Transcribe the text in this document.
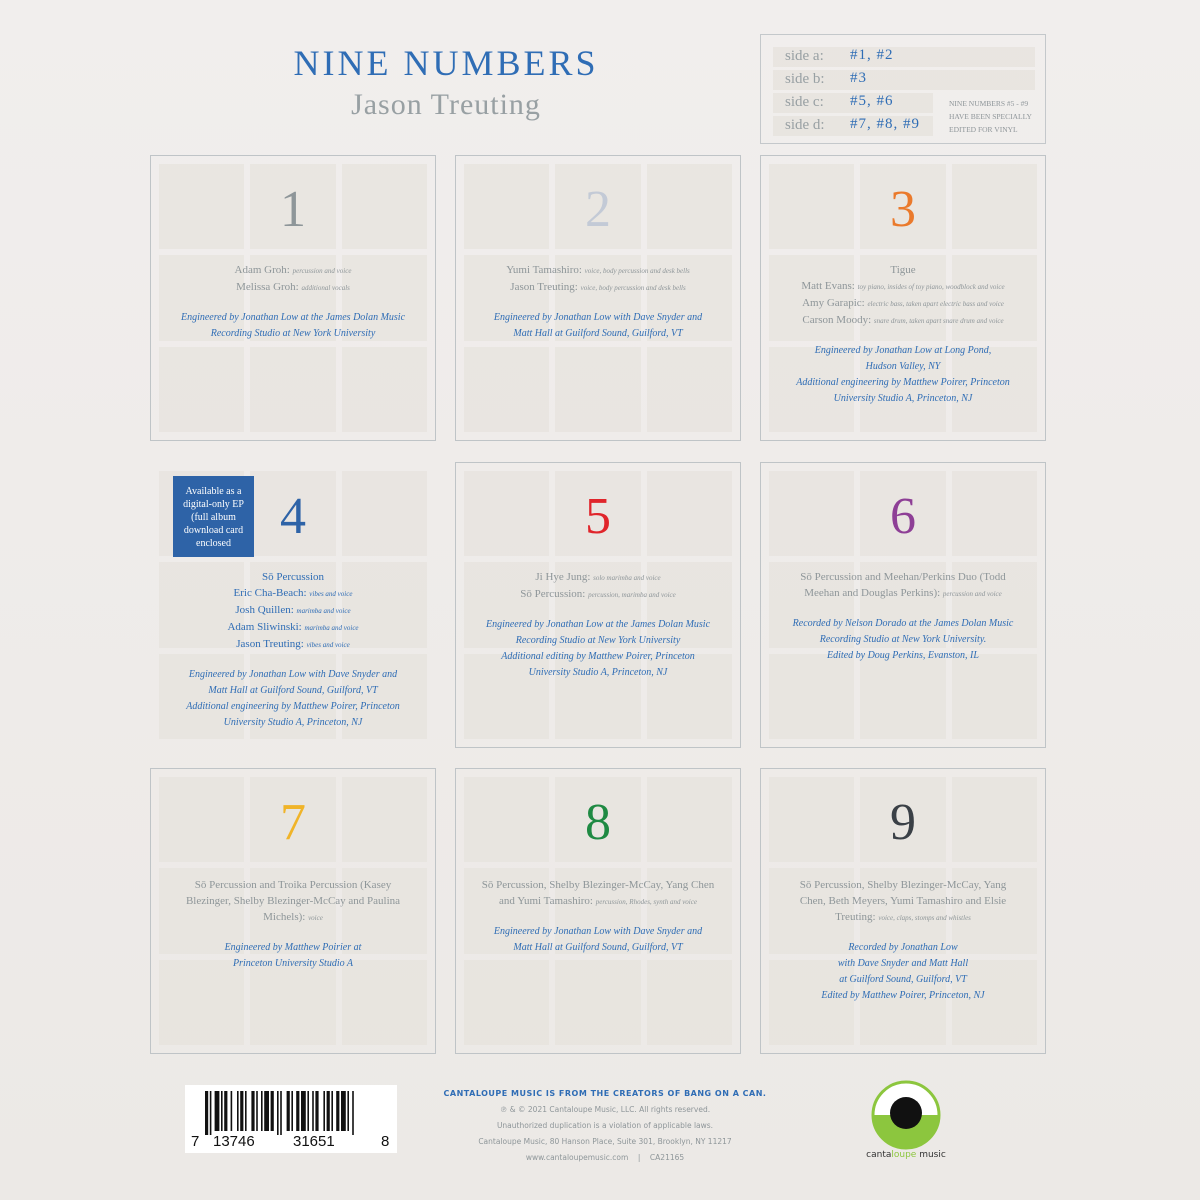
NINE NUMBERS
Jason Treuting
side a: #1, #2
side b: #3
side c: #5, #6
side d: #7, #8, #9
NINE NUMBERS #5 - #9
HAVE BEEN SPECIALLY
EDITED FOR VINYL
1
Adam Groh: percussion and voice
Melissa Groh: additional vocals
Engineered by Jonathan Low at the James Dolan Music
Recording Studio at New York University
2
Yumi Tamashiro: voice, body percussion and desk bells
Jason Treuting: voice, body percussion and desk bells
Engineered by Jonathan Low with Dave Snyder and
Matt Hall at Guilford Sound, Guilford, VT
3
Tigue
Matt Evans: toy piano, insides of toy piano, woodblock and voice
Amy Garapic: electric bass, taken apart electric bass and voice
Carson Moody: snare drum, taken apart snare drum and voice
Engineered by Jonathan Low at Long Pond,
Hudson Valley, NY
Additional engineering by Matthew Poirer, Princeton
University Studio A, Princeton, NJ
4
Sō Percussion
Eric Cha-Beach: vibes and voice
Josh Quillen: marimba and voice
Adam Sliwinski: marimba and voice
Jason Treuting: vibes and voice
Engineered by Jonathan Low with Dave Snyder and
Matt Hall at Guilford Sound, Guilford, VT
Additional engineering by Matthew Poirer, Princeton
University Studio A, Princeton, NJ
5
Ji Hye Jung: solo marimba and voice
Sō Percussion: percussion, marimba and voice
Engineered by Jonathan Low at the James Dolan Music
Recording Studio at New York University
Additional editing by Matthew Poirer, Princeton
University Studio A, Princeton, NJ
6
Sō Percussion and Meehan/Perkins Duo (Todd
Meehan and Douglas Perkins): percussion and voice
Recorded by Nelson Dorado at the James Dolan Music
Recording Studio at New York University.
Edited by Doug Perkins, Evanston, IL
7
Sō Percussion and Troika Percussion (Kasey
Blezinger, Shelby Blezinger-McCay and Paulina
Michels): voice
Engineered by Matthew Poirier at
Princeton University Studio A
8
Sō Percussion, Shelby Blezinger-McCay, Yang Chen
and Yumi Tamashiro: percussion, Rhodes, synth and voice
Engineered by Jonathan Low with Dave Snyder and
Matt Hall at Guilford Sound, Guilford, VT
9
Sō Percussion, Shelby Blezinger-McCay, Yang
Chen, Beth Meyers, Yumi Tamashiro and Elsie
Treuting: voice, claps, stomps and whistles
Recorded by Jonathan Low
with Dave Snyder and Matt Hall
at Guilford Sound, Guilford, VT
Edited by Matthew Poirer, Princeton, NJ
7 13746	31651	8
CANTALOUPE MUSIC IS FROM THE CREATORS OF BANG ON A CAN.
℗ & © 2021 Cantaloupe Music, LLC. All rights reserved.
Unauthorized duplication is a violation of applicable laws.
Cantaloupe Music, 80 Hanson Place, Suite 301, Brooklyn, NY 11217
www.cantaloupemusic.com    |    CA21165	cantaloupe music
Available as a
digital-only EP
(full album
download card
enclosed
